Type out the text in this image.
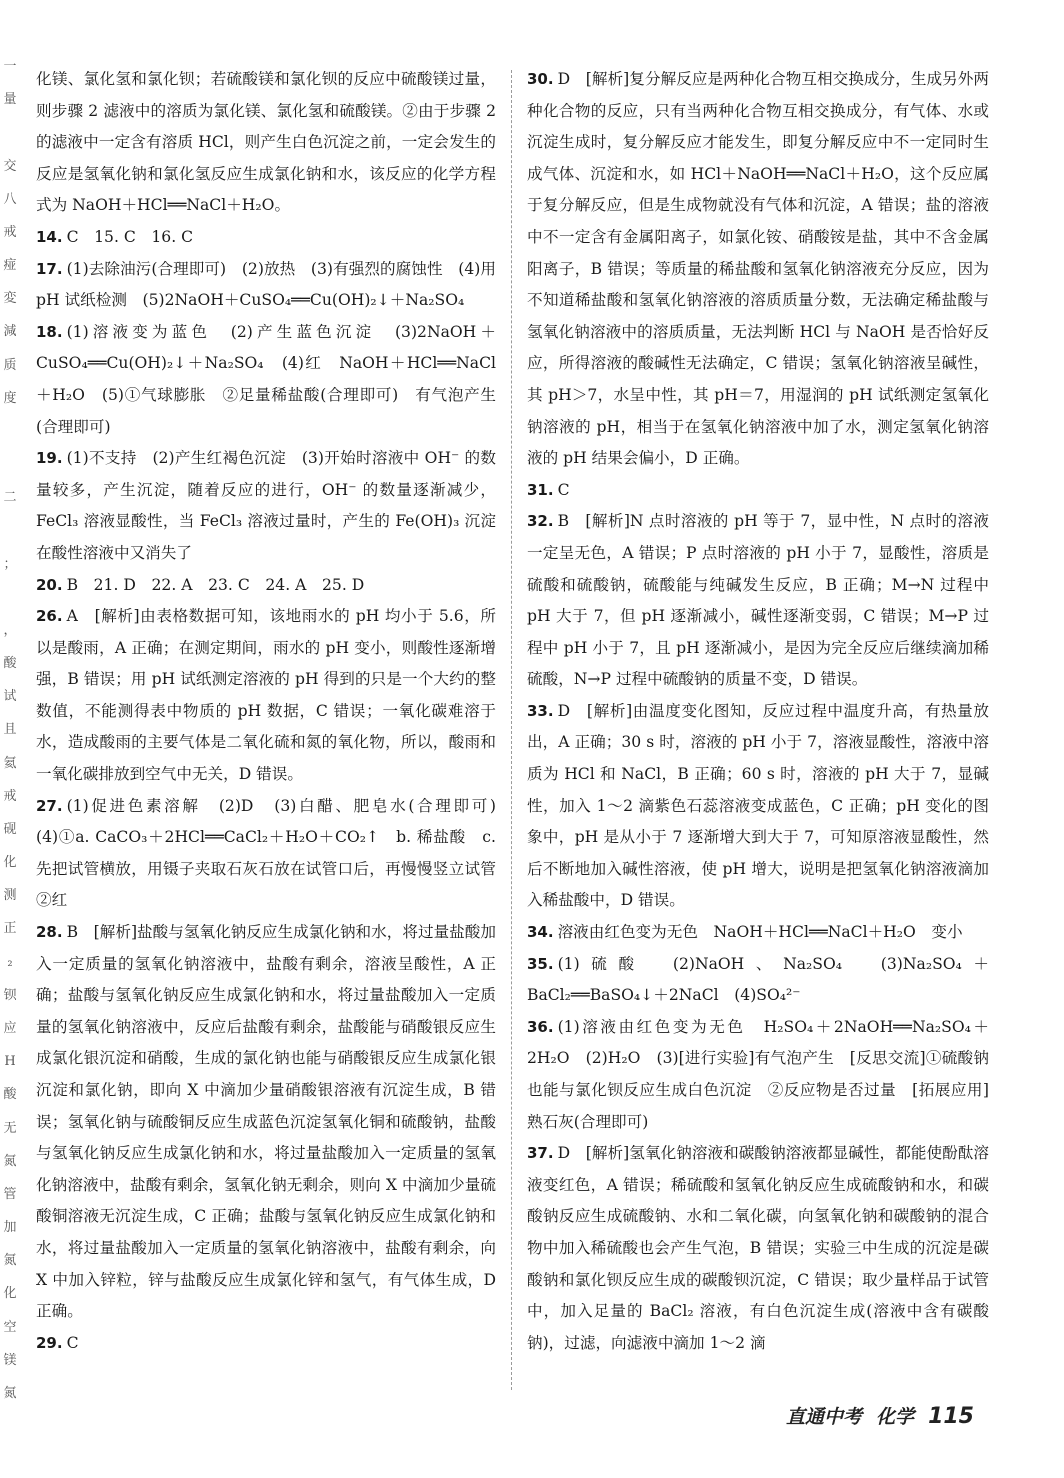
一
量

交
八
戒
痖
変
減
质
度

二

；

，
酸
试
且
氦
戒
砚
化
测
正
₂
钡
应
H
酸
无
氮
管
加
氮
化
空
镁
氮

化镁、氯化氢和氯化钡；若硫酸镁和氯化钡的反应中硫酸镁过量，则步骤 2 滤液中的溶质为氯化镁、氯化氢和硫酸镁。②由于步骤 2 的滤液中一定含有溶质 HCl，则产生白色沉淀之前，一定会发生的反应是氢氧化钠和氯化氢反应生成氯化钠和水，该反应的化学方程式为 NaOH＋HCl══NaCl＋H₂O。

14. C　15. C　16. C

17. (1)去除油污(合理即可)　(2)放热　(3)有强烈的腐蚀性　(4)用 pH 试纸检测　(5)2NaOH＋CuSO₄══Cu(OH)₂↓＋Na₂SO₄

18. (1)溶液变为蓝色　(2)产生蓝色沉淀　(3)2NaOH＋CuSO₄══Cu(OH)₂↓＋Na₂SO₄　(4)红　NaOH＋HCl══NaCl＋H₂O　(5)①气球膨胀　②足量稀盐酸(合理即可)　有气泡产生(合理即可)

19. (1)不支持　(2)产生红褐色沉淀　(3)开始时溶液中 OH⁻ 的数量较多，产生沉淀，随着反应的进行，OH⁻ 的数量逐渐减少，FeCl₃ 溶液显酸性，当 FeCl₃ 溶液过量时，产生的 Fe(OH)₃ 沉淀在酸性溶液中又消失了

20. B　21. D　22. A　23. C　24. A　25. D

26. A　[解析]由表格数据可知，该地雨水的 pH 均小于 5.6，所以是酸雨，A 正确；在测定期间，雨水的 pH 变小，则酸性逐渐增强，B 错误；用 pH 试纸测定溶液的 pH 得到的只是一个大约的整数值，不能测得表中物质的 pH 数据，C 错误；一氧化碳难溶于水，造成酸雨的主要气体是二氧化硫和氮的氧化物，所以，酸雨和一氧化碳排放到空气中无关，D 错误。

27. (1)促进色素溶解　(2)D　(3)白醋、肥皂水(合理即可)　(4)①a. CaCO₃＋2HCl══CaCl₂＋H₂O＋CO₂↑　b. 稀盐酸　c. 先把试管横放，用镊子夹取石灰石放在试管口后，再慢慢竖立试管　②红

28. B　[解析]盐酸与氢氧化钠反应生成氯化钠和水，将过量盐酸加入一定质量的氢氧化钠溶液中，盐酸有剩余，溶液呈酸性，A 正确；盐酸与氢氧化钠反应生成氯化钠和水，将过量盐酸加入一定质量的氢氧化钠溶液中，反应后盐酸有剩余，盐酸能与硝酸银反应生成氯化银沉淀和硝酸，生成的氯化钠也能与硝酸银反应生成氯化银沉淀和氯化钠，即向 X 中滴加少量硝酸银溶液有沉淀生成，B 错误；氢氧化钠与硫酸铜反应生成蓝色沉淀氢氧化铜和硫酸钠，盐酸与氢氧化钠反应生成氯化钠和水，将过量盐酸加入一定质量的氢氧化钠溶液中，盐酸有剩余，氢氧化钠无剩余，则向 X 中滴加少量硫酸铜溶液无沉淀生成，C 正确；盐酸与氢氧化钠反应生成氯化钠和水，将过量盐酸加入一定质量的氢氧化钠溶液中，盐酸有剩余，向 X 中加入锌粒，锌与盐酸反应生成氯化锌和氢气，有气体生成，D 正确。

29. C

30. D　[解析]复分解反应是两种化合物互相交换成分，生成另外两种化合物的反应，只有当两种化合物互相交换成分，有气体、水或沉淀生成时，复分解反应才能发生，即复分解反应中不一定同时生成气体、沉淀和水，如 HCl＋NaOH══NaCl＋H₂O，这个反应属于复分解反应，但是生成物就没有气体和沉淀，A 错误；盐的溶液中不一定含有金属阳离子，如氯化铵、硝酸铵是盐，其中不含金属阳离子，B 错误；等质量的稀盐酸和氢氧化钠溶液充分反应，因为不知道稀盐酸和氢氧化钠溶液的溶质质量分数，无法确定稀盐酸与氢氧化钠溶液中的溶质质量，无法判断 HCl 与 NaOH 是否恰好反应，所得溶液的酸碱性无法确定，C 错误；氢氧化钠溶液呈碱性，其 pH＞7，水呈中性，其 pH＝7，用湿润的 pH 试纸测定氢氧化钠溶液的 pH，相当于在氢氧化钠溶液中加了水，测定氢氧化钠溶液的 pH 结果会偏小，D 正确。

31. C

32. B　[解析]N 点时溶液的 pH 等于 7，显中性，N 点时的溶液一定呈无色，A 错误；P 点时溶液的 pH 小于 7，显酸性，溶质是硫酸和硫酸钠，硫酸能与纯碱发生反应，B 正确；M→N 过程中 pH 大于 7，但 pH 逐渐减小，碱性逐渐变弱，C 错误；M→P 过程中 pH 小于 7，且 pH 逐渐减小，是因为完全反应后继续滴加稀硫酸，N→P 过程中硫酸钠的质量不变，D 错误。

33. D　[解析]由温度变化图知，反应过程中温度升高，有热量放出，A 正确；30 s 时，溶液的 pH 小于 7，溶液显酸性，溶液中溶质为 HCl 和 NaCl，B 正确；60 s 时，溶液的 pH 大于 7，显碱性，加入 1～2 滴紫色石蕊溶液变成蓝色，C 正确；pH 变化的图象中，pH 是从小于 7 逐渐增大到大于 7，可知原溶液显酸性，然后不断地加入碱性溶液，使 pH 增大，说明是把氢氧化钠溶液滴加入稀盐酸中，D 错误。

34. 溶液由红色变为无色　NaOH＋HCl══NaCl＋H₂O　变小

35. (1)硫酸　(2)NaOH、Na₂SO₄　(3)Na₂SO₄＋BaCl₂══BaSO₄↓＋2NaCl　(4)SO₄²⁻

36. (1)溶液由红色变为无色　H₂SO₄＋2NaOH══Na₂SO₄＋2H₂O　(2)H₂O　(3)[进行实验]有气泡产生　[反思交流]①硫酸钠也能与氯化钡反应生成白色沉淀　②反应物是否过量　[拓展应用]熟石灰(合理即可)

37. D　[解析]氢氧化钠溶液和碳酸钠溶液都显碱性，都能使酚酞溶液变红色，A 错误；稀硫酸和氢氧化钠反应生成硫酸钠和水，和碳酸钠反应生成硫酸钠、水和二氧化碳，向氢氧化钠和碳酸钠的混合物中加入稀硫酸也会产生气泡，B 错误；实验三中生成的沉淀是碳酸钠和氯化钡反应生成的碳酸钡沉淀，C 错误；取少量样品于试管中，加入足量的 BaCl₂ 溶液，有白色沉淀生成(溶液中含有碳酸钠)，过滤，向滤液中滴加 1～2 滴

直通中考 化学 115
